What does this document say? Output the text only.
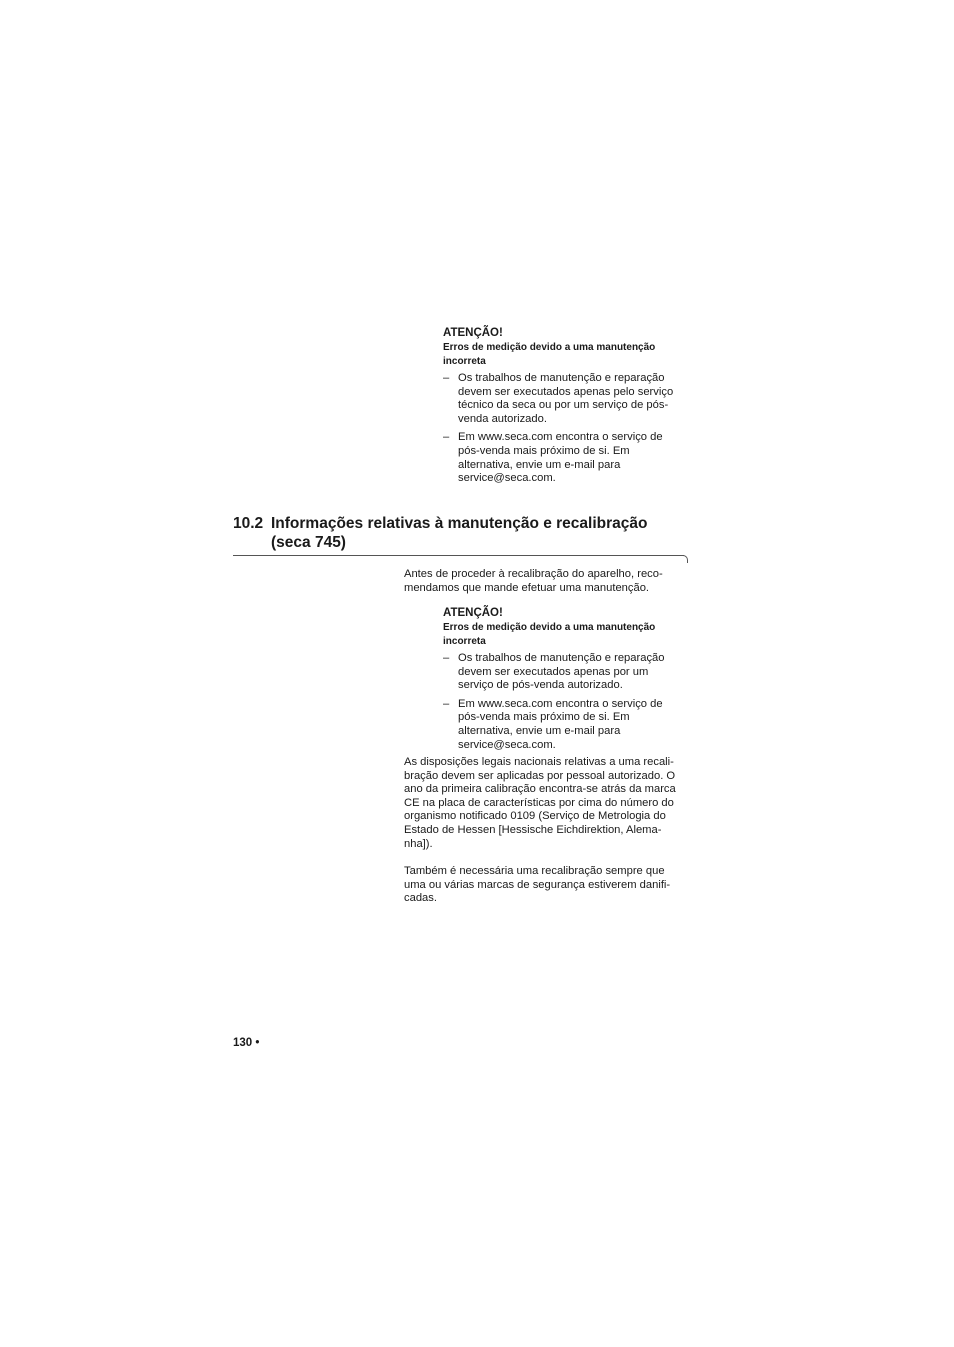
ATENÇÃO!
Erros de medição devido a uma manutenção
incorreta
– Os trabalhos de manutenção e reparação
devem ser executados apenas pelo serviço
técnico da seca ou por um serviço de pós-
venda autorizado.
– Em www.seca.com encontra o serviço de
pós-venda mais próximo de si. Em
alternativa, envie um e-mail para
service@seca.com.
10.2 Informações relativas à manutenção e recalibração
(seca 745)
Antes de proceder à recalibração do aparelho, reco-
mendamos que mande efetuar uma manutenção.
ATENÇÃO!
Erros de medição devido a uma manutenção
incorreta
– Os trabalhos de manutenção e reparação
devem ser executados apenas por um
serviço de pós-venda autorizado.
– Em www.seca.com encontra o serviço de
pós-venda mais próximo de si. Em
alternativa, envie um e-mail para
service@seca.com.
As disposições legais nacionais relativas a uma recali-
bração devem ser aplicadas por pessoal autorizado. O
ano da primeira calibração encontra-se atrás da marca
CE na placa de características por cima do número do
organismo notificado 0109 (Serviço de Metrologia do
Estado de Hessen [Hessische Eichdirektion, Alema-
nha]).
Também é necessária uma recalibração sempre que
uma ou várias marcas de segurança estiverem danifi-
cadas.
130 •
